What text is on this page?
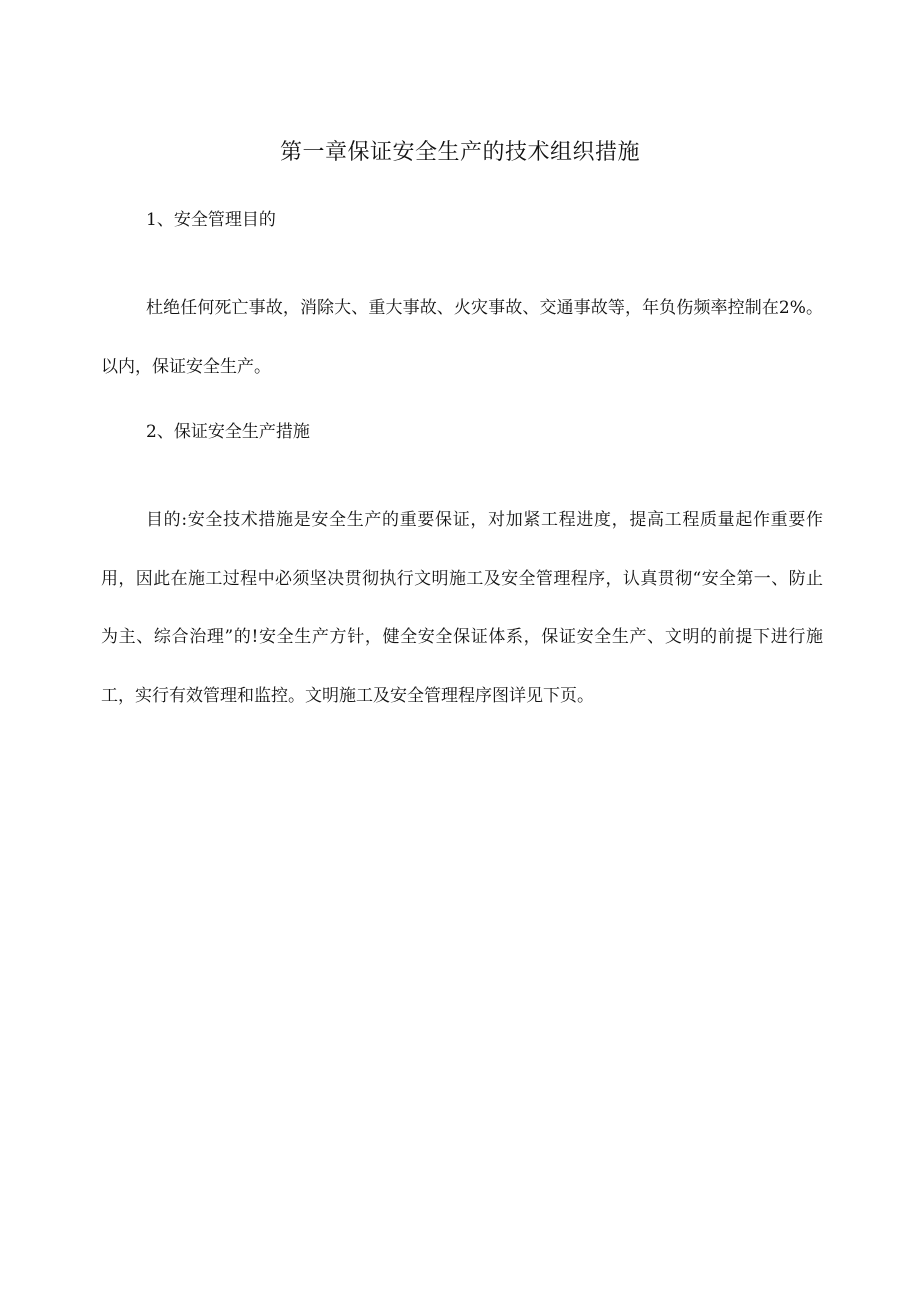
第一章保证安全生产的技术组织措施
1、安全管理目的

杜绝任何死亡事故，消除大、重大事故、火灾事故、交通事故等，年负伤频率控制在2%。以内，保证安全生产。

2、保证安全生产措施

目的:安全技术措施是安全生产的重要保证，对加紧工程进度，提高工程质量起作重要作用，因此在施工过程中必须坚决贯彻执行文明施工及安全管理程序，认真贯彻“安全第一、防止为主、综合治理”的!安全生产方针，健全安全保证体系，保证安全生产、文明的前提下进行施工，实行有效管理和监控。文明施工及安全管理程序图详见下页。
